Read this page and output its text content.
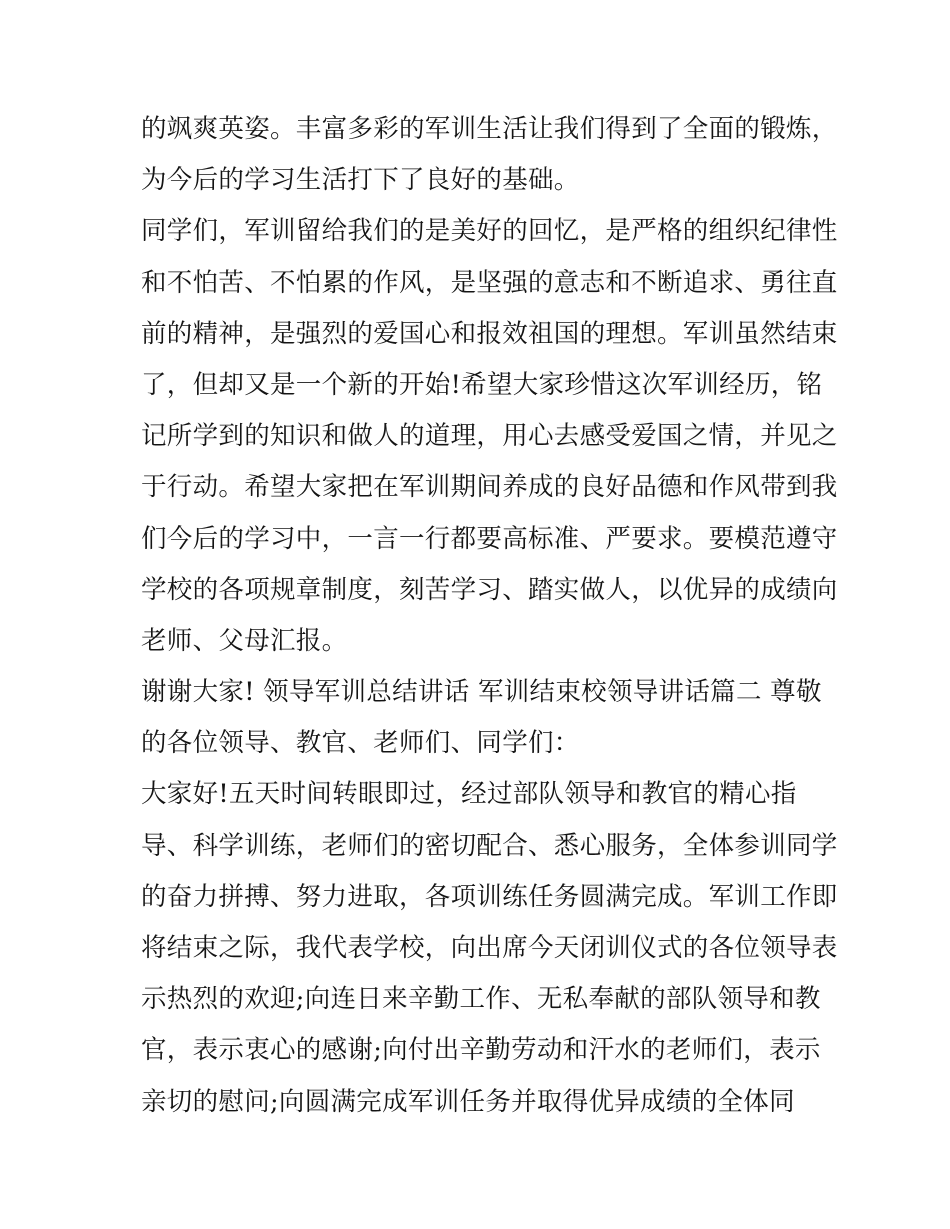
的飒爽英姿。丰富多彩的军训生活让我们得到了全面的锻炼，
为今后的学习生活打下了良好的基础。
同学们，军训留给我们的是美好的回忆，是严格的组织纪律性
和不怕苦、不怕累的作风，是坚强的意志和不断追求、勇往直
前的精神，是强烈的爱国心和报效祖国的理想。军训虽然结束
了，但却又是一个新的开始!希望大家珍惜这次军训经历，铭
记所学到的知识和做人的道理，用心去感受爱国之情，并见之
于行动。希望大家把在军训期间养成的良好品德和作风带到我
们今后的学习中，一言一行都要高标准、严要求。要模范遵守
学校的各项规章制度，刻苦学习、踏实做人，以优异的成绩向
老师、父母汇报。
谢谢大家! 领导军训总结讲话 军训结束校领导讲话篇二 尊敬
的各位领导、教官、老师们、同学们：
大家好!五天时间转眼即过，经过部队领导和教官的精心指
导、科学训练，老师们的密切配合、悉心服务，全体参训同学
的奋力拼搏、努力进取，各项训练任务圆满完成。军训工作即
将结束之际，我代表学校，向出席今天闭训仪式的各位领导表
示热烈的欢迎;向连日来辛勤工作、无私奉献的部队领导和教
官，表示衷心的感谢;向付出辛勤劳动和汗水的老师们，表示
亲切的慰问;向圆满完成军训任务并取得优异成绩的全体同
